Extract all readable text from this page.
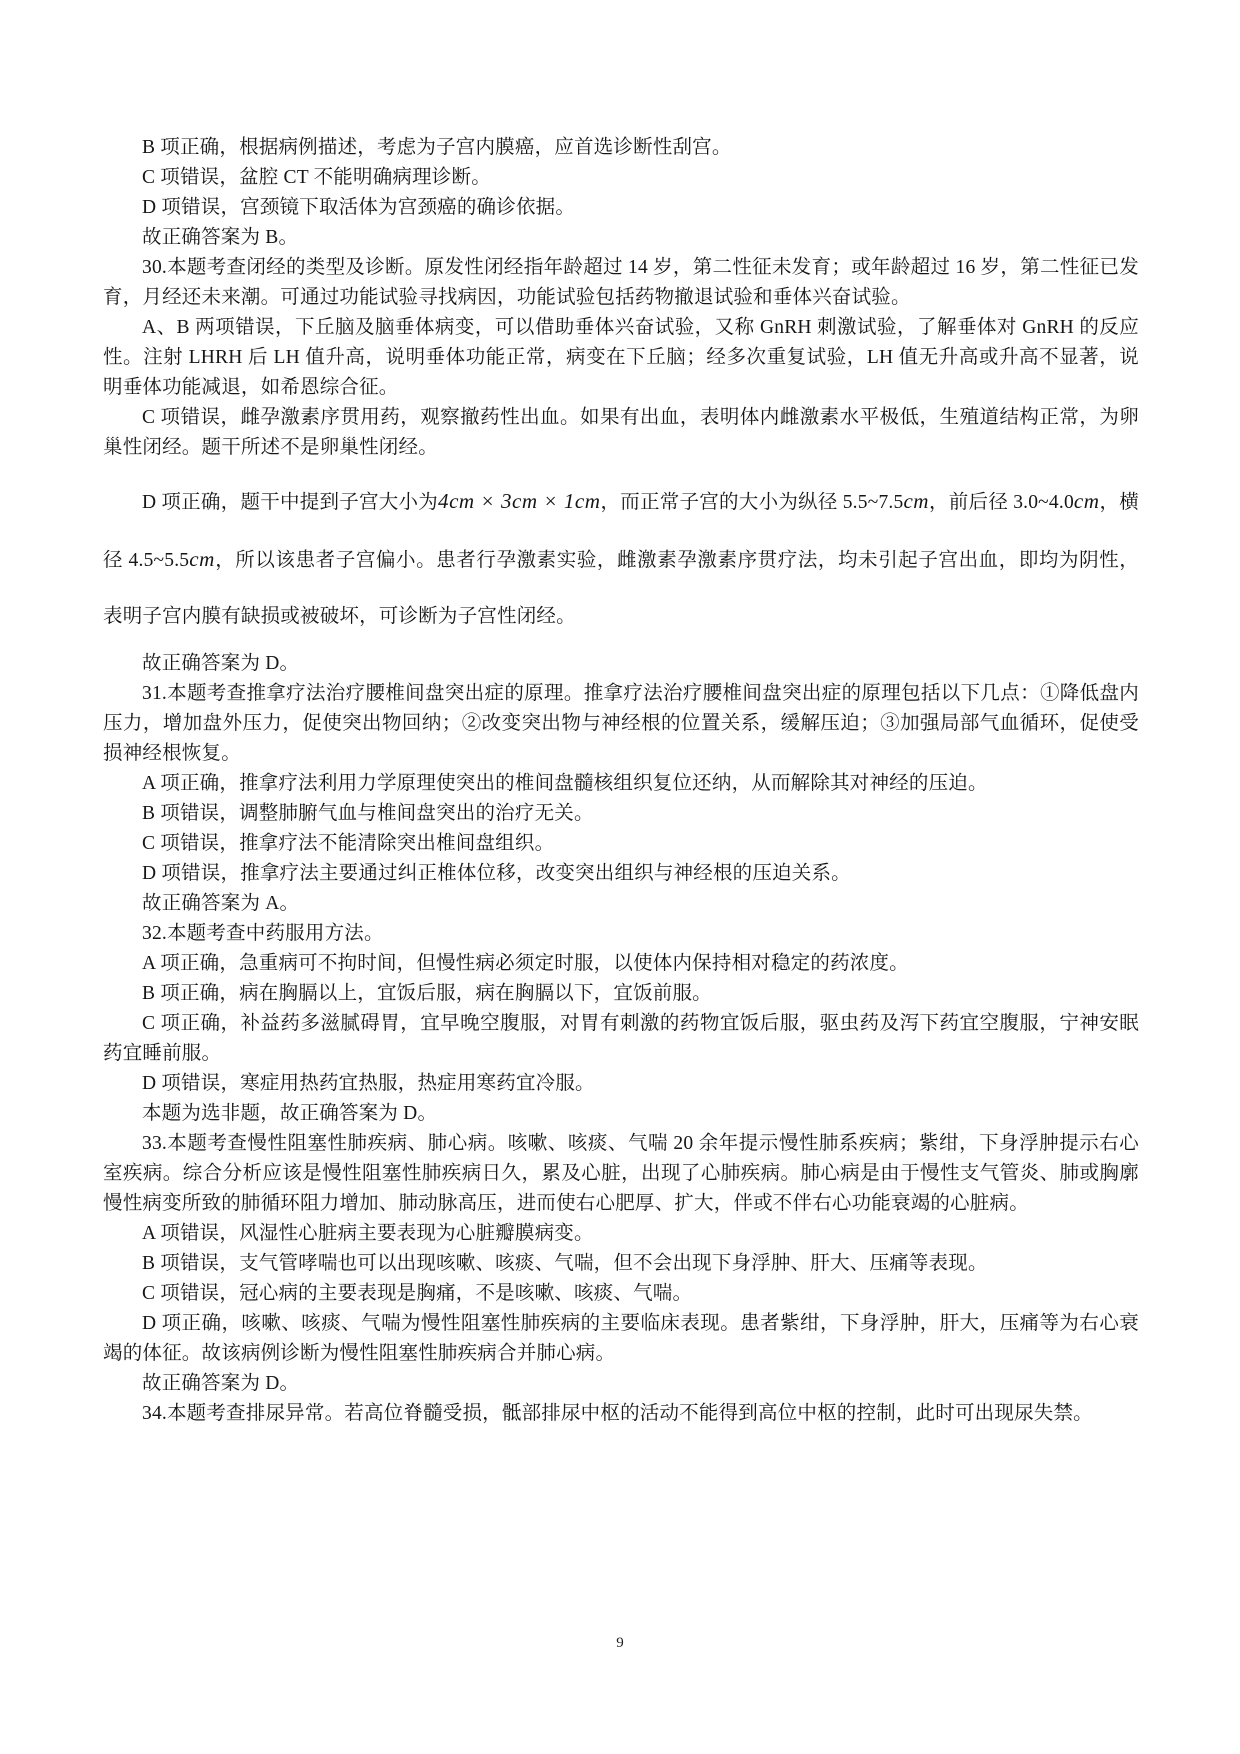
B 项正确，根据病例描述，考虑为子宫内膜癌，应首选诊断性刮宫。

C 项错误，盆腔 CT 不能明确病理诊断。

D 项错误，宫颈镜下取活体为宫颈癌的确诊依据。

故正确答案为 B。

30.本题考查闭经的类型及诊断。原发性闭经指年龄超过 14 岁，第二性征未发育；或年龄超过 16 岁，第二性征已发育，月经还未来潮。可通过功能试验寻找病因，功能试验包括药物撤退试验和垂体兴奋试验。

A、B 两项错误，下丘脑及脑垂体病变，可以借助垂体兴奋试验，又称 GnRH 刺激试验，了解垂体对 GnRH 的反应性。注射 LHRH 后 LH 值升高，说明垂体功能正常，病变在下丘脑；经多次重复试验，LH 值无升高或升高不显著，说明垂体功能减退，如希恩综合征。

C 项错误，雌孕激素序贯用药，观察撤药性出血。如果有出血，表明体内雌激素水平极低，生殖道结构正常，为卵巢性闭经。题干所述不是卵巢性闭经。

D 项正确，题干中提到子宫大小为4cm × 3cm × 1cm，而正常子宫的大小为纵径 5.5~7.5cm，前后径 3.0~4.0cm，横径 4.5~5.5cm，所以该患者子宫偏小。患者行孕激素实验，雌激素孕激素序贯疗法，均未引起子宫出血，即均为阴性，表明子宫内膜有缺损或被破坏，可诊断为子宫性闭经。

故正确答案为 D。

31.本题考查推拿疗法治疗腰椎间盘突出症的原理。推拿疗法治疗腰椎间盘突出症的原理包括以下几点：①降低盘内压力，增加盘外压力，促使突出物回纳；②改变突出物与神经根的位置关系，缓解压迫；③加强局部气血循环，促使受损神经根恢复。

A 项正确，推拿疗法利用力学原理使突出的椎间盘髓核组织复位还纳，从而解除其对神经的压迫。

B 项错误，调整肺腑气血与椎间盘突出的治疗无关。

C 项错误，推拿疗法不能清除突出椎间盘组织。

D 项错误，推拿疗法主要通过纠正椎体位移，改变突出组织与神经根的压迫关系。

故正确答案为 A。

32.本题考查中药服用方法。

A 项正确，急重病可不拘时间，但慢性病必须定时服，以使体内保持相对稳定的药浓度。

B 项正确，病在胸膈以上，宜饭后服，病在胸膈以下，宜饭前服。

C 项正确，补益药多滋腻碍胃，宜早晚空腹服，对胃有刺激的药物宜饭后服，驱虫药及泻下药宜空腹服，宁神安眠药宜睡前服。

D 项错误，寒症用热药宜热服，热症用寒药宜冷服。

本题为选非题，故正确答案为 D。

33.本题考查慢性阻塞性肺疾病、肺心病。咳嗽、咳痰、气喘 20 余年提示慢性肺系疾病；紫绀，下身浮肿提示右心室疾病。综合分析应该是慢性阻塞性肺疾病日久，累及心脏，出现了心肺疾病。肺心病是由于慢性支气管炎、肺或胸廓慢性病变所致的肺循环阻力增加、肺动脉高压，进而使右心肥厚、扩大，伴或不伴右心功能衰竭的心脏病。

A 项错误，风湿性心脏病主要表现为心脏瓣膜病变。

B 项错误，支气管哮喘也可以出现咳嗽、咳痰、气喘，但不会出现下身浮肿、肝大、压痛等表现。

C 项错误，冠心病的主要表现是胸痛，不是咳嗽、咳痰、气喘。

D 项正确，咳嗽、咳痰、气喘为慢性阻塞性肺疾病的主要临床表现。患者紫绀，下身浮肿，肝大，压痛等为右心衰竭的体征。故该病例诊断为慢性阻塞性肺疾病合并肺心病。

故正确答案为 D。

34.本题考查排尿异常。若高位脊髓受损，骶部排尿中枢的活动不能得到高位中枢的控制，此时可出现尿失禁。

9
